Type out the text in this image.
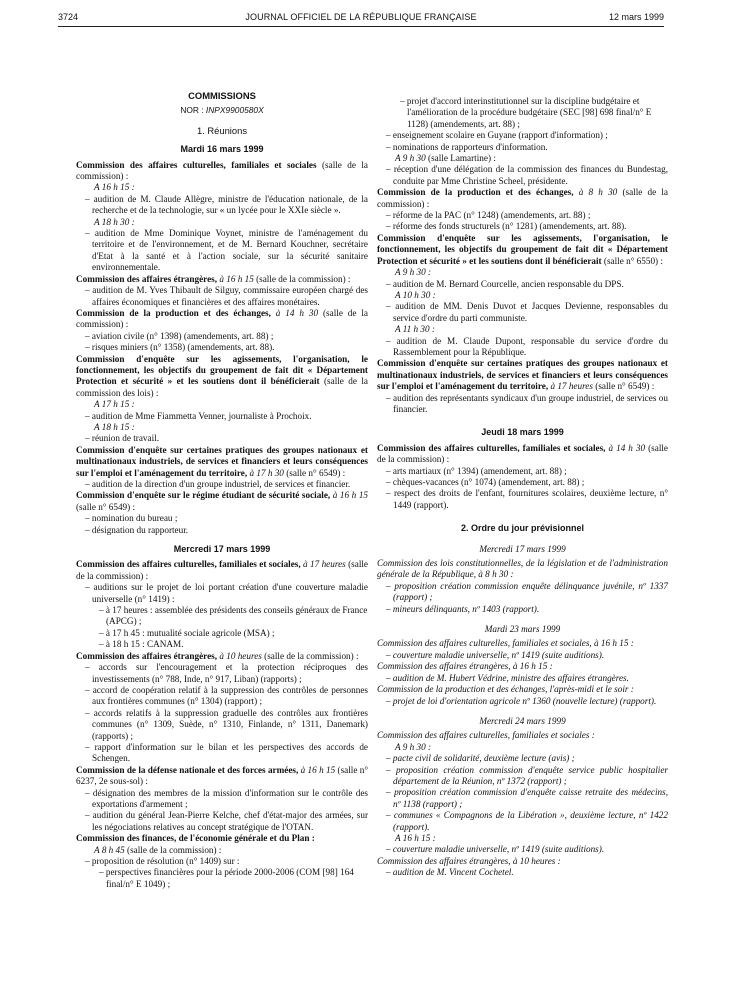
3724	JOURNAL OFFICIEL DE LA RÉPUBLIQUE FRANÇAISE	12 mars 1999
COMMISSIONS
NOR : INPX9900580X
1. Réunions
Mardi 16 mars 1999

Commission des affaires culturelles, familiales et sociales (salle de la commission) :

A 16 h 15 :

– audition de M. Claude Allègre, ministre de l'éducation nationale, de la recherche et de la technologie, sur « un lycée pour le XXIe siècle ».

A 18 h 30 :

– audition de Mme Dominique Voynet, ministre de l'aménagement du territoire et de l'environnement, et de M. Bernard Kouchner, secrétaire d'Etat à la santé et à l'action sociale, sur la sécurité sanitaire environnementale.

Commission des affaires étrangères, à 16 h 15 (salle de la commission) :

– audition de M. Yves Thibault de Silguy, commissaire européen chargé des affaires économiques et financières et des affaires monétaires.

Commission de la production et des échanges, à 14 h 30 (salle de la commission) :

– aviation civile (n° 1398) (amendements, art. 88) ;

– risques miniers (n° 1358) (amendements, art. 88).

Commission d'enquête sur les agissements, l'organisation, le fonctionnement, les objectifs du groupement de fait dit « Département Protection et sécurité » et les soutiens dont il bénéficierait (salle de la commission des lois) :

A 17 h 15 :

– audition de Mme Fiammetta Venner, journaliste à Prochoix.

A 18 h 15 :

– réunion de travail.

Commission d'enquête sur certaines pratiques des groupes nationaux et multinationaux industriels, de services et financiers et leurs conséquences sur l'emploi et l'aménagement du territoire, à 17 h 30 (salle n° 6549) :

– audition de la direction d'un groupe industriel, de services et financier.

Commission d'enquête sur le régime étudiant de sécurité sociale, à 16 h 15 (salle n° 6549) :

– nomination du bureau ;

– désignation du rapporteur.

Mercredi 17 mars 1999

Commission des affaires culturelles, familiales et sociales, à 17 heures (salle de la commission) :

– auditions sur le projet de loi portant création d'une couverture maladie universelle (n° 1419) :

– à 17 heures : assemblée des présidents des conseils généraux de France (APCG) ;

– à 17 h 45 : mutualité sociale agricole (MSA) ;

– à 18 h 15 : CANAM.

Commission des affaires étrangères, à 10 heures (salle de la commission) :

– accords sur l'encouragement et la protection réciproques des investissements (n° 788, Inde, n° 917, Liban) (rapports) ;

– accord de coopération relatif à la suppression des contrôles de personnes aux frontières communes (n° 1304) (rapport) ;

– accords relatifs à la suppression graduelle des contrôles aux frontières communes (n° 1309, Suède, n° 1310, Finlande, n° 1311, Danemark) (rapports) ;

– rapport d'information sur le bilan et les perspectives des accords de Schengen.

Commission de la défense nationale et des forces armées, à 16 h 15 (salle n° 6237, 2e sous-sol) :

– désignation des membres de la mission d'information sur le contrôle des exportations d'armement ;

– audition du général Jean-Pierre Kelche, chef d'état-major des armées, sur les négociations relatives au concept stratégique de l'OTAN.

Commission des finances, de l'économie générale et du Plan :

A 8 h 45 (salle de la commission) :

– proposition de résolution (n° 1409) sur :

– perspectives financières pour la période 2000-2006 (COM [98] 164 final/n° E 1049) ;

– projet d'accord interinstitutionnel sur la discipline budgétaire et l'amélioration de la procédure budgétaire (SEC [98] 698 final/n° E 1128) (amendements, art. 88) ;

– enseignement scolaire en Guyane (rapport d'information) ;

– nominations de rapporteurs d'information.

A 9 h 30 (salle Lamartine) :

– réception d'une délégation de la commission des finances du Bundestag, conduite par Mme Christine Scheel, présidente.

Commission de la production et des échanges, à 8 h 30 (salle de la commission) :

– réforme de la PAC (n° 1248) (amendements, art. 88) ;

– réforme des fonds structurels (n° 1281) (amendements, art. 88).

Commission d'enquête sur les agissements, l'organisation, le fonctionnement, les objectifs du groupement de fait dit « Département Protection et sécurité » et les soutiens dont il bénéficierait (salle n° 6550) :

A 9 h 30 :

– audition de M. Bernard Courcelle, ancien responsable du DPS.

A 10 h 30 :

– audition de MM. Denis Duvot et Jacques Devienne, responsables du service d'ordre du parti communiste.

A 11 h 30 :

– audition de M. Claude Dupont, responsable du service d'ordre du Rassemblement pour la République.

Commission d'enquête sur certaines pratiques des groupes nationaux et multinationaux industriels, de services et financiers et leurs conséquences sur l'emploi et l'aménagement du territoire, à 17 heures (salle n° 6549) :

– audition des représentants syndicaux d'un groupe industriel, de services ou financier.

Jeudi 18 mars 1999

Commission des affaires culturelles, familiales et sociales, à 14 h 30 (salle de la commission) :

– arts martiaux (n° 1394) (amendement, art. 88) ;

– chèques-vacances (n° 1074) (amendement, art. 88) ;

– respect des droits de l'enfant, fournitures scolaires, deuxième lecture, n° 1449 (rapport).

2. Ordre du jour prévisionnel
Mercredi 17 mars 1999

Commission des lois constitutionnelles, de la législation et de l'administration générale de la République, à 8 h 30 :

– proposition création commission enquête délinquance juvénile, nº 1337 (rapport) ;

– mineurs délinquants, nº 1403 (rapport).

Mardi 23 mars 1999

Commission des affaires culturelles, familiales et sociales, à 16 h 15 :

– couverture maladie universelle, nº 1419 (suite auditions).

Commission des affaires étrangères, à 16 h 15 :

– audition de M. Hubert Védrine, ministre des affaires étrangères.

Commission de la production et des échanges, l'après-midi et le soir :

– projet de loi d'orientation agricole nº 1360 (nouvelle lecture) (rapport).

Mercredi 24 mars 1999

Commission des affaires culturelles, familiales et sociales :

A 9 h 30 :

– pacte civil de solidarité, deuxième lecture (avis) ;

– proposition création commission d'enquête service public hospitalier département de la Réunion, nº 1372 (rapport) ;

– proposition création commission d'enquête caisse retraite des médecins, nº 1138 (rapport) ;

– communes « Compagnons de la Libération », deuxième lecture, nº 1422 (rapport).

A 16 h 15 :

– couverture maladie universelle, nº 1419 (suite auditions).

Commission des affaires étrangères, à 10 heures :

– audition de M. Vincent Cochetel.
